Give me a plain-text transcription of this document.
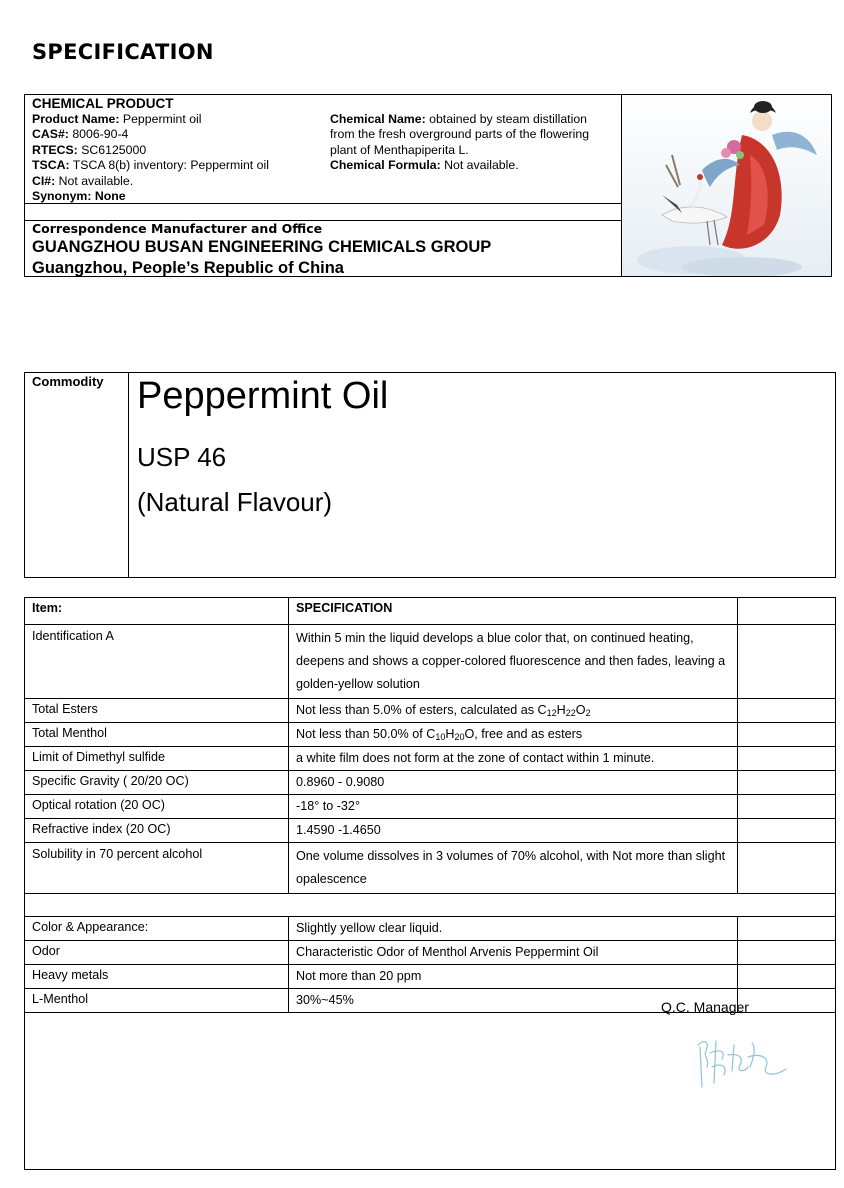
SPECIFICATION
CHEMICAL PRODUCT
Product Name: Peppermint oil
CAS#: 8006-90-4
RTECS: SC6125000
TSCA: TSCA 8(b) inventory: Peppermint oil
CI#: Not available.
Synonym: None
Chemical Name: obtained by steam distillation from the fresh overground parts of the flowering plant of Menthapiperita L.
Chemical Formula: Not available.
Correspondence Manufacturer and Office
GUANGZHOU BUSAN ENGINEERING CHEMICALS GROUP
Guangzhou, People’s Republic of China
Commodity Peppermint Oil
USP 46
(Natural Flavour)
Item:	SPECIFICATION	
Identification A	Within 5 min the liquid develops a blue color that, on continued heating, deepens and shows a copper-colored fluorescence and then fades, leaving a golden-yellow solution	
Total Esters	Not less than 5.0% of esters, calculated as $C_{12}H_{22}O_2$	
Total Menthol	Not less than 50.0% of $C_{10}H_{20}O$, free and as esters	
Limit of Dimethyl sulfide	a white film does not form at the zone of contact within 1 minute.	
Specific Gravity ( 20/20 OC)	0.8960 - 0.9080	
Optical rotation (20 OC)	-18° to -32°	
Refractive index (20 OC)	1.4590 -1.4650	
Solubility in 70 percent alcohol	One volume dissolves in 3 volumes of 70% alcohol, with Not more than slight opalescence	

Color & Appearance:	Slightly yellow clear liquid.	
Odor	Characteristic Odor of Menthol Arvenis Peppermint Oil	
Heavy metals	Not more than 20 ppm	
L-Menthol	30%~45%		Q.C. Manager
